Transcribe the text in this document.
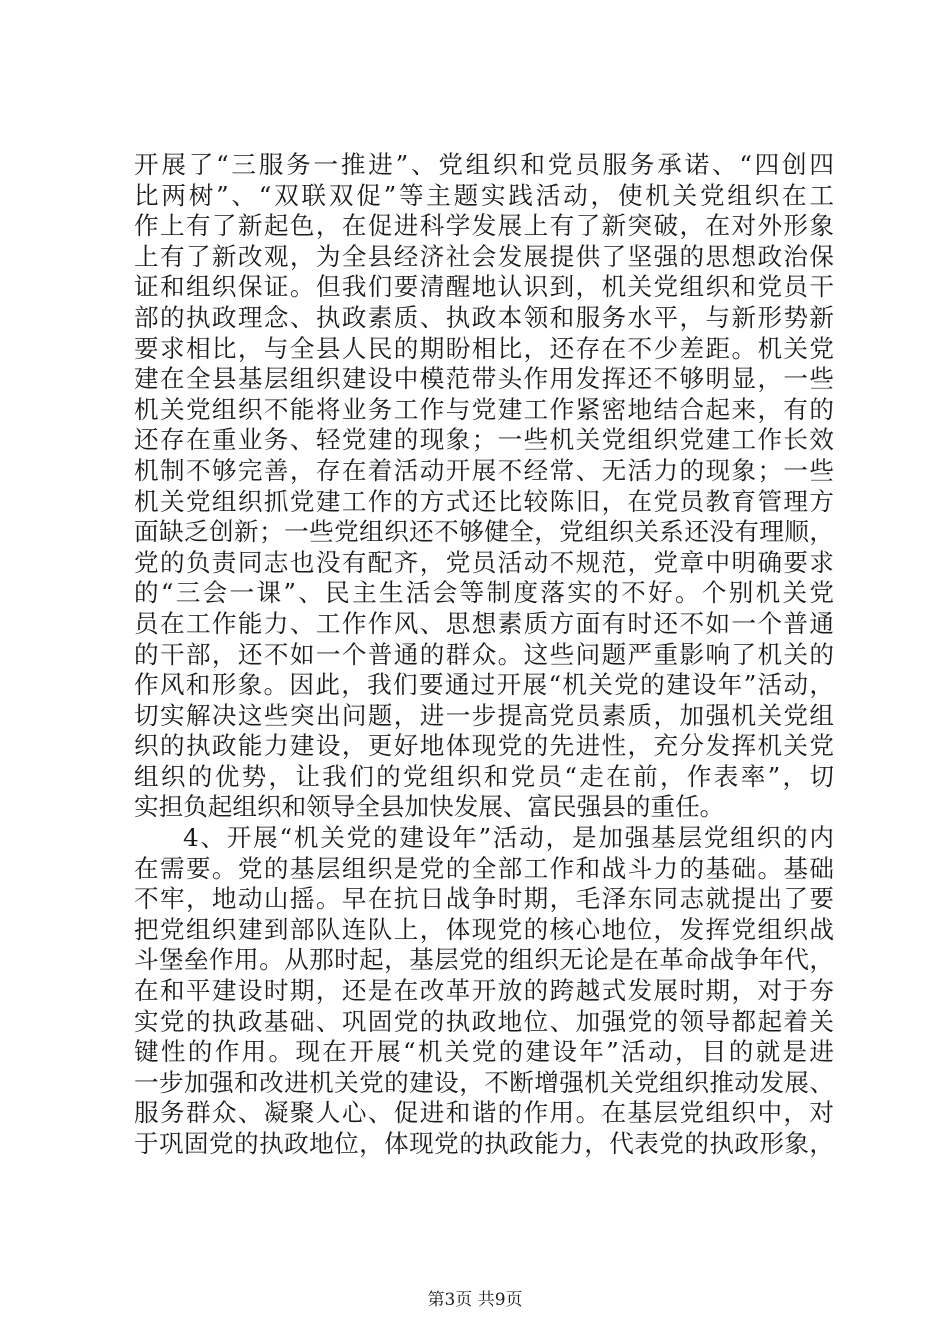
开展了“三服务一推进”、党组织和党员服务承诺、“四创四
比两树”、“双联双促”等主题实践活动，使机关党组织在工
作上有了新起色，在促进科学发展上有了新突破，在对外形象
上有了新改观，为全县经济社会发展提供了坚强的思想政治保
证和组织保证。但我们要清醒地认识到，机关党组织和党员干
部的执政理念、执政素质、执政本领和服务水平，与新形势新
要求相比，与全县人民的期盼相比，还存在不少差距。机关党
建在全县基层组织建设中模范带头作用发挥还不够明显，一些
机关党组织不能将业务工作与党建工作紧密地结合起来，有的
还存在重业务、轻党建的现象；一些机关党组织党建工作长效
机制不够完善，存在着活动开展不经常、无活力的现象；一些
机关党组织抓党建工作的方式还比较陈旧，在党员教育管理方
面缺乏创新；一些党组织还不够健全，党组织关系还没有理顺，
党的负责同志也没有配齐，党员活动不规范，党章中明确要求
的“三会一课”、民主生活会等制度落实的不好。个别机关党
员在工作能力、工作作风、思想素质方面有时还不如一个普通
的干部，还不如一个普通的群众。这些问题严重影响了机关的
作风和形象。因此，我们要通过开展“机关党的建设年”活动，
切实解决这些突出问题，进一步提高党员素质，加强机关党组
织的执政能力建设，更好地体现党的先进性，充分发挥机关党
组织的优势，让我们的党组织和党员“走在前，作表率”，切
实担负起组织和领导全县加快发展、富民强县的重任。
4、开展“机关党的建设年”活动，是加强基层党组织的内
在需要。党的基层组织是党的全部工作和战斗力的基础。基础
不牢，地动山摇。早在抗日战争时期，毛泽东同志就提出了要
把党组织建到部队连队上，体现党的核心地位，发挥党组织战
斗堡垒作用。从那时起，基层党的组织无论是在革命战争年代，
在和平建设时期，还是在改革开放的跨越式发展时期，对于夯
实党的执政基础、巩固党的执政地位、加强党的领导都起着关
键性的作用。现在开展“机关党的建设年”活动，目的就是进
一步加强和改进机关党的建设，不断增强机关党组织推动发展、
服务群众、凝聚人心、促进和谐的作用。在基层党组织中，对
于巩固党的执政地位，体现党的执政能力，代表党的执政形象，
第3页 共9页
